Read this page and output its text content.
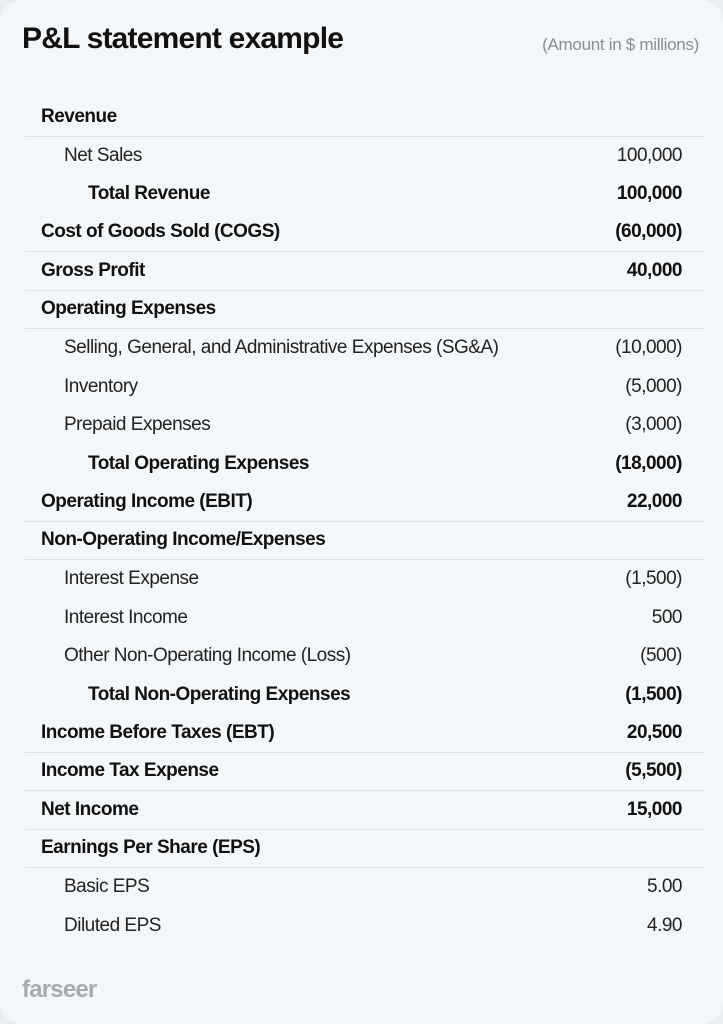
P&L statement example	(Amount in $ millions)
Revenue
Net Sales	100,000
Total Revenue	100,000
Cost of Goods Sold (COGS)	(60,000)
Gross Profit	40,000
Operating Expenses
Selling, General, and Administrative Expenses (SG&A)	(10,000)
Inventory	(5,000)
Prepaid Expenses	(3,000)
Total Operating Expenses	(18,000)
Operating Income (EBIT)	22,000
Non-Operating Income/Expenses
Interest Expense	(1,500)
Interest Income	500
Other Non-Operating Income (Loss)	(500)
Total Non-Operating Expenses	(1,500)
Income Before Taxes (EBT)	20,500
Income Tax Expense	(5,500)
Net Income	15,000
Earnings Per Share (EPS)
Basic EPS	5.00
Diluted EPS	4.90
farseer
